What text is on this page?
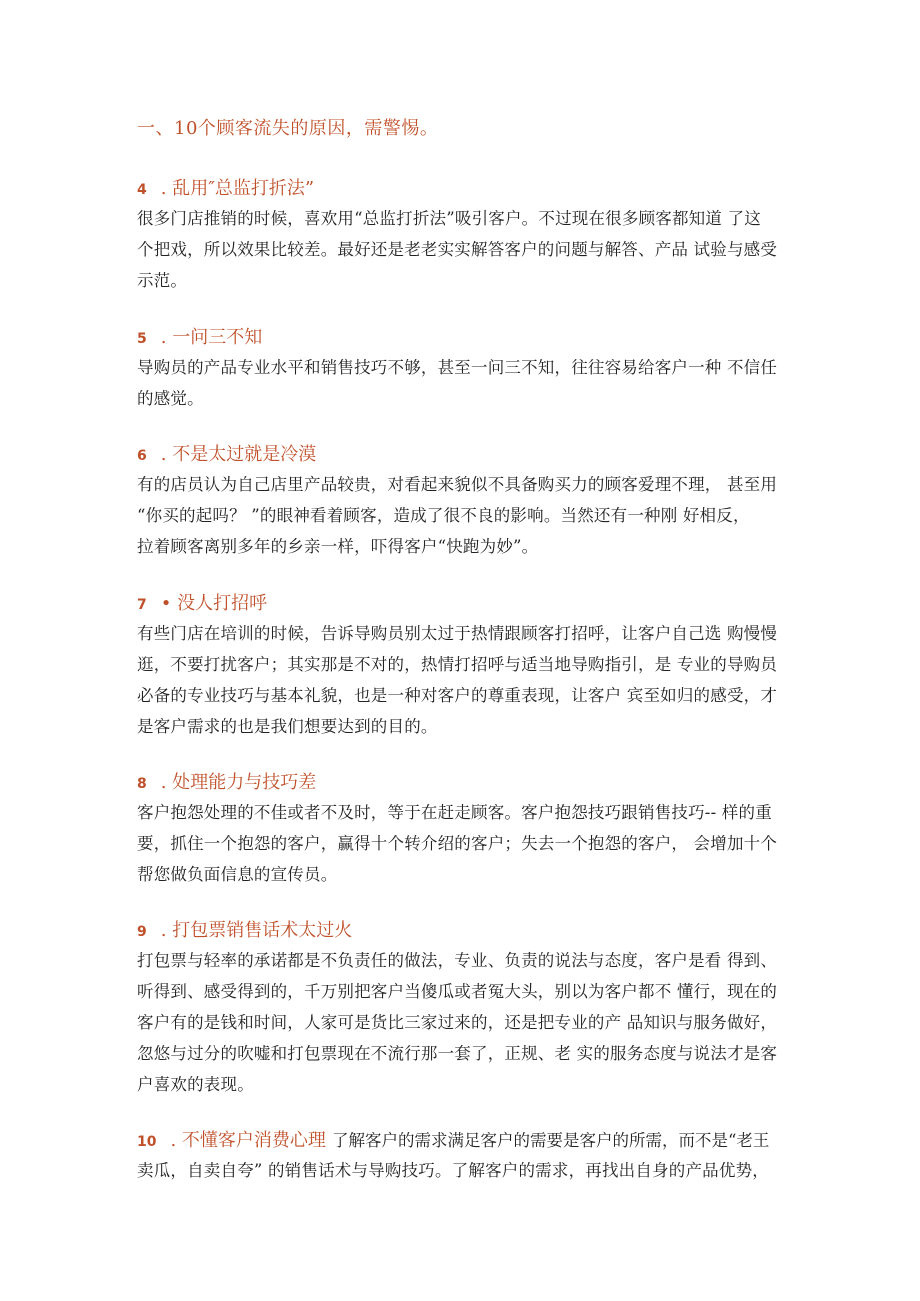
一、10个顾客流失的原因，需警惕。
4 . 乱用″总监打折法”
很多门店推销的时候，喜欢用“总监打折法”吸引客户。不过现在很多顾客都知道 了这
个把戏，所以效果比较差。最好还是老老实实解答客户的问题与解答、产品 试验与感受
示范。
5 . 一问三不知
导购员的产品专业水平和销售技巧不够，甚至一问三不知，往往容易给客户一种 不信任
的感觉。
6 . 不是太过就是冷漠
有的店员认为自己店里产品较贵，对看起来貌似不具备购买力的顾客爱理不理， 甚至用
“你买的起吗？ ”的眼神看着顾客，造成了很不良的影响。当然还有一种刚 好相反，
拉着顾客离别多年的乡亲一样，吓得客户“快跑为妙”。
7 • 没人打招呼
有些门店在培训的时候，告诉导购员别太过于热情跟顾客打招呼，让客户自己选 购慢慢
逛，不要打扰客户；其实那是不对的，热情打招呼与适当地导购指引，是 专业的导购员
必备的专业技巧与基本礼貌，也是一种对客户的尊重表现，让客户 宾至如归的感受，才
是客户需求的也是我们想要达到的目的。
8 . 处理能力与技巧差
客户抱怨处理的不佳或者不及时，等于在赶走顾客。客户抱怨技巧跟销售技巧-- 样的重
要，抓住一个抱怨的客户，赢得十个转介绍的客户；失去一个抱怨的客户， 会增加十个
帮您做负面信息的宣传员。
9 . 打包票销售话术太过火
打包票与轻率的承诺都是不负责任的做法，专业、负责的说法与态度，客户是看 得到、
听得到、感受得到的，千万别把客户当傻瓜或者冤大头，别以为客户都不 懂行，现在的
客户有的是钱和时间，人家可是货比三家过来的，还是把专业的产 品知识与服务做好，
忽悠与过分的吹嘘和打包票现在不流行那一套了，正规、老 实的服务态度与说法才是客
户喜欢的表现。
10 . 不懂客户消费心理 了解客户的需求满足客户的需要是客户的所需，而不是“老王
卖瓜，自卖自夸” 的销售话术与导购技巧。了解客户的需求，再找出自身的产品优势，
